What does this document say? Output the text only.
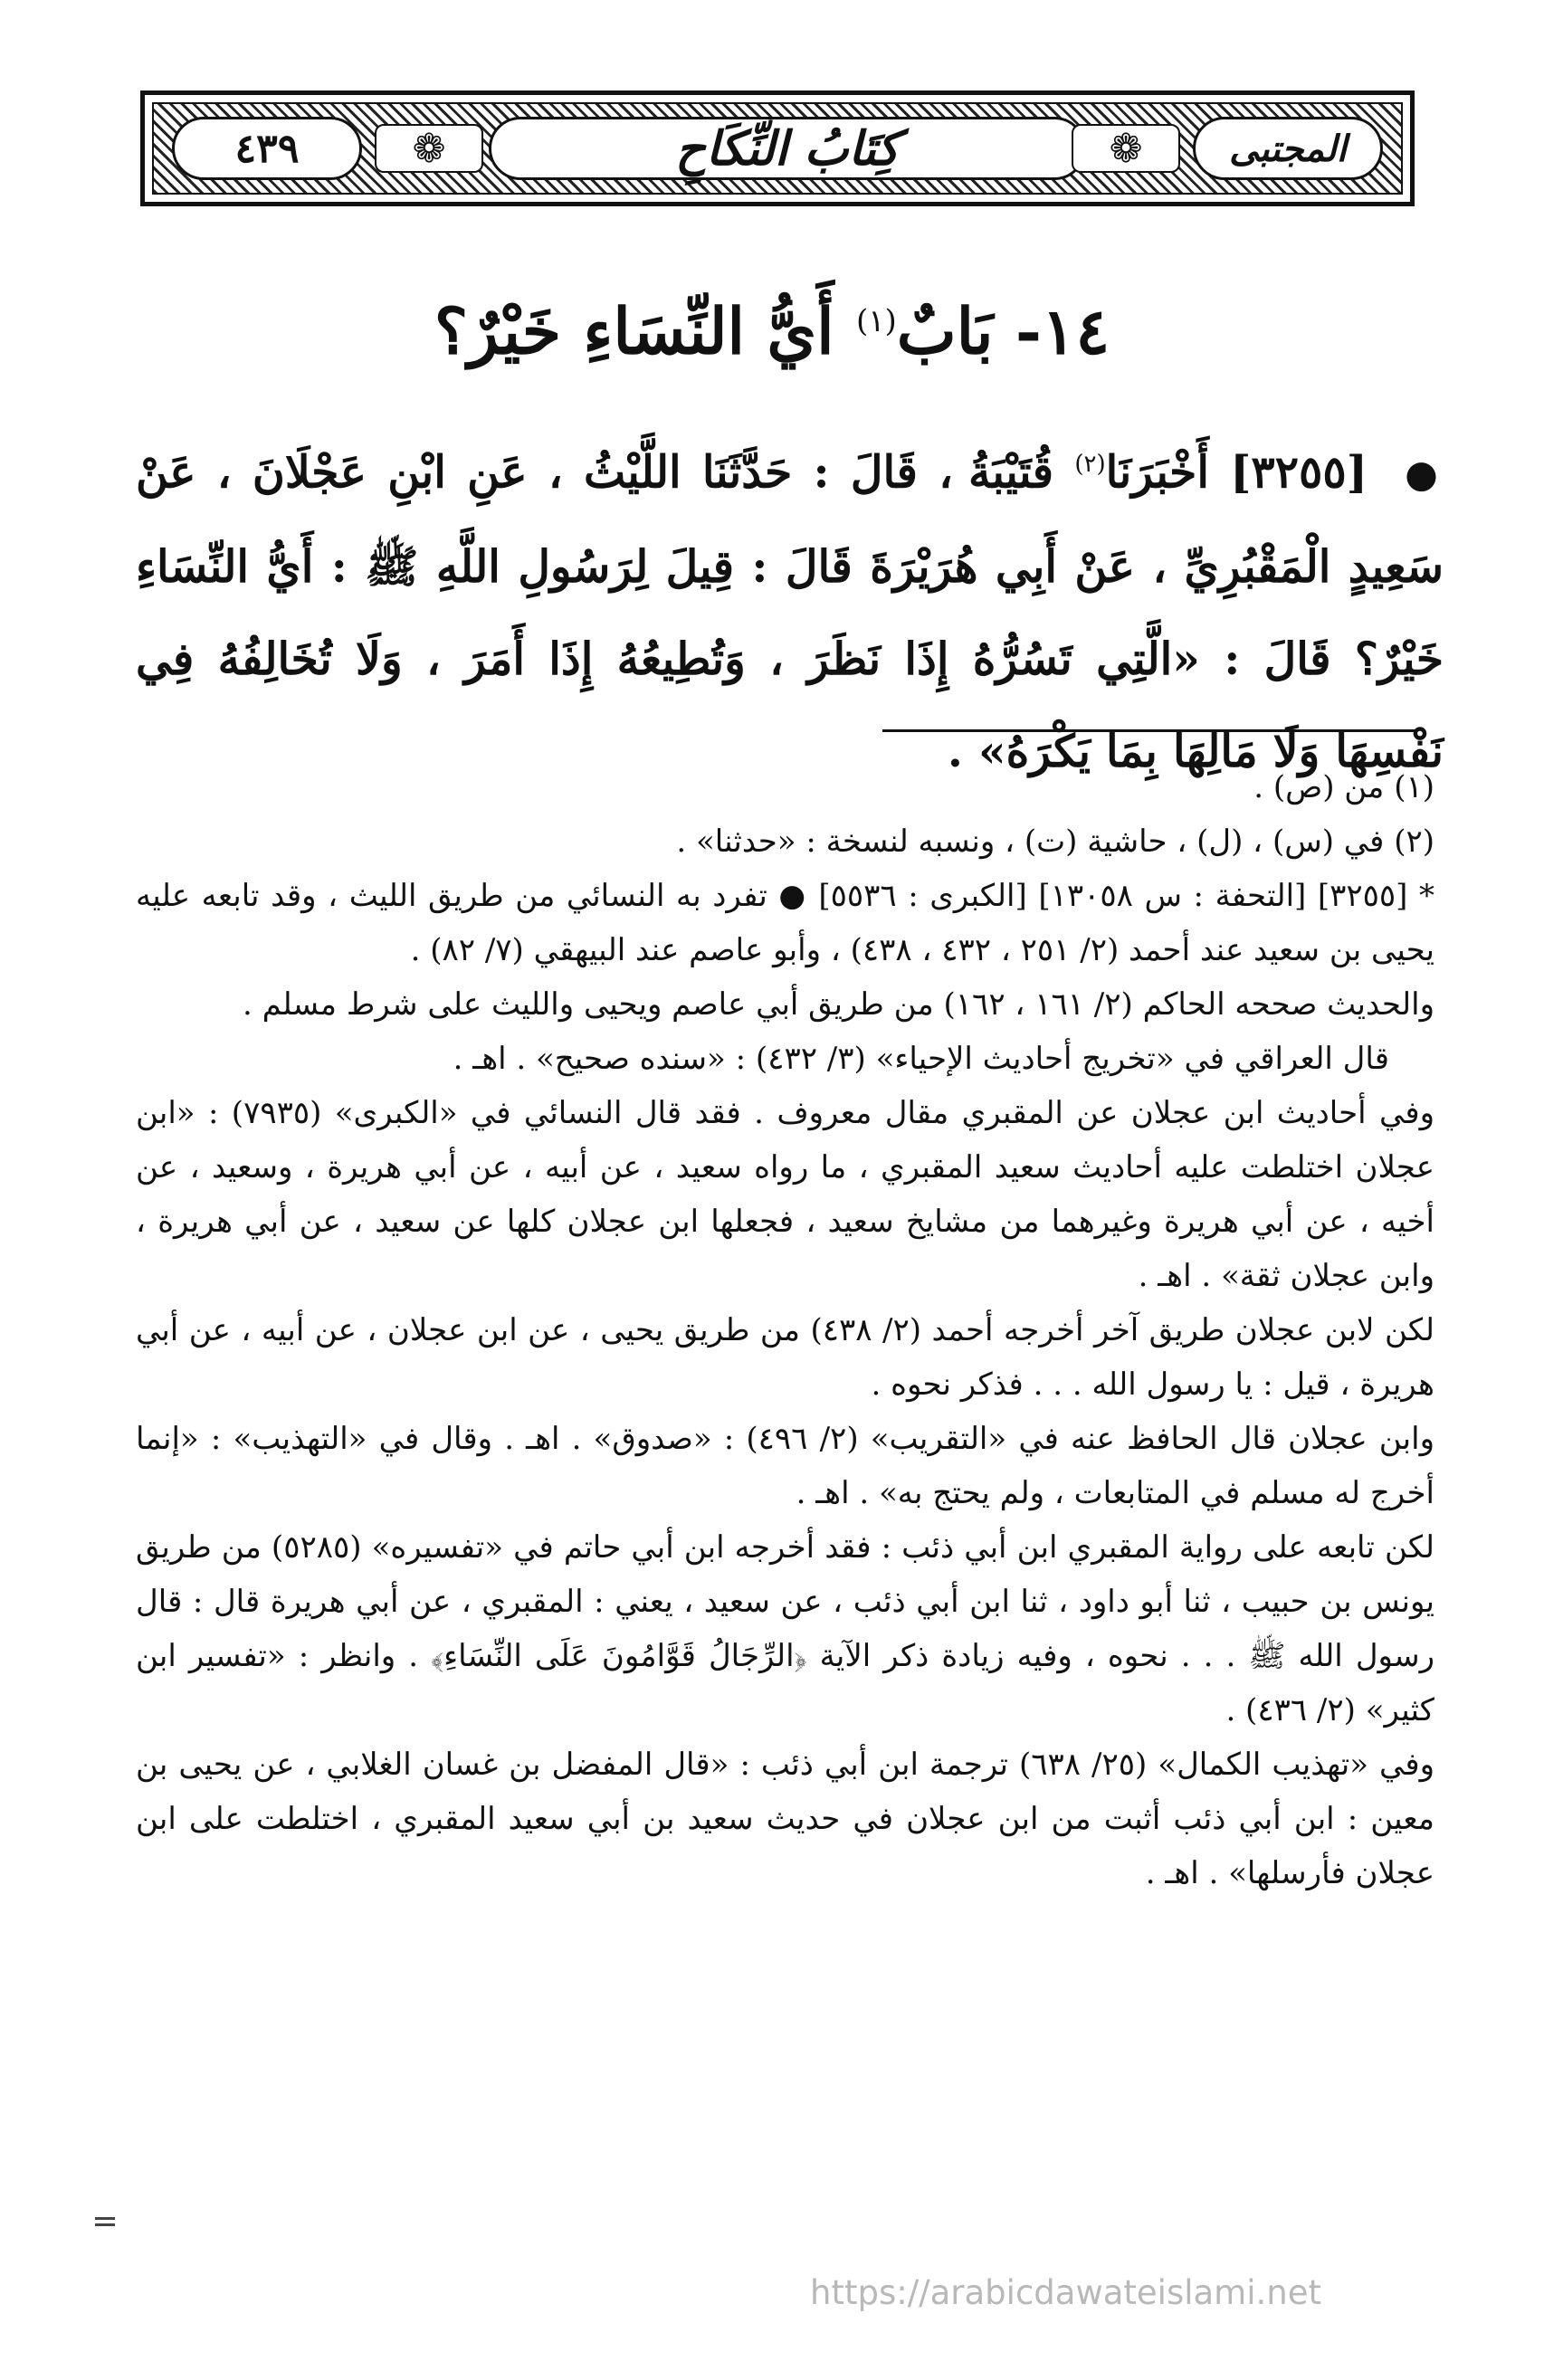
٤٣٩	❁	كِتَابُ النِّكَاحِ	❁	المجتبى
١٤- بَابٌ$^{(١)}$ أَيُّ النِّسَاءِ خَيْرٌ؟
● [٣٢٥٥] أَخْبَرَنَا$^{(٢)}$ قُتَيْبَةُ ، قَالَ : حَدَّثَنَا اللَّيْثُ ، عَنِ ابْنِ عَجْلَانَ ، عَنْ سَعِيدٍ الْمَقْبُرِيِّ ، عَنْ أَبِي هُرَيْرَةَ قَالَ : قِيلَ لِرَسُولِ اللَّهِ ﷺ : أَيُّ النِّسَاءِ خَيْرٌ؟ قَالَ : «الَّتِي تَسُرُّهُ إِذَا نَظَرَ ، وَتُطِيعُهُ إِذَا أَمَرَ ، وَلَا تُخَالِفُهُ فِي نَفْسِهَا وَلَا مَالِهَا بِمَا يَكْرَهُ» .

(١) من (ص) .

(٢) في (س) ، (ل) ، حاشية (ت) ، ونسبه لنسخة : «حدثنا» .

* [٣٢٥٥] [التحفة : س ١٣٠٥٨] [الكبرى : ٥٥٣٦] ● تفرد به النسائي من طريق الليث ، وقد تابعه عليه يحيى بن سعيد عند أحمد (٢/ ٢٥١ ، ٤٣٢ ، ٤٣٨) ، وأبو عاصم عند البيهقي (٧/ ٨٢) .

والحديث صححه الحاكم (٢/ ١٦١ ، ١٦٢) من طريق أبي عاصم ويحيى والليث على شرط مسلم .

قال العراقي في «تخريج أحاديث الإحياء» (٣/ ٤٣٢) : «سنده صحيح» . اهـ .

وفي أحاديث ابن عجلان عن المقبري مقال معروف . فقد قال النسائي في «الكبرى» (٧٩٣٥) : «ابن عجلان اختلطت عليه أحاديث سعيد المقبري ، ما رواه سعيد ، عن أبيه ، عن أبي هريرة ، وسعيد ، عن أخيه ، عن أبي هريرة وغيرهما من مشايخ سعيد ، فجعلها ابن عجلان كلها عن سعيد ، عن أبي هريرة ، وابن عجلان ثقة» . اهـ .

لكن لابن عجلان طريق آخر أخرجه أحمد (٢/ ٤٣٨) من طريق يحيى ، عن ابن عجلان ، عن أبيه ، عن أبي هريرة ، قيل : يا رسول الله . . . فذكر نحوه .

وابن عجلان قال الحافظ عنه في «التقريب» (٢/ ٤٩٦) : «صدوق» . اهـ . وقال في «التهذيب» : «إنما أخرج له مسلم في المتابعات ، ولم يحتج به» . اهـ .

لكن تابعه على رواية المقبري ابن أبي ذئب : فقد أخرجه ابن أبي حاتم في «تفسيره» (٥٢٨٥) من طريق يونس بن حبيب ، ثنا أبو داود ، ثنا ابن أبي ذئب ، عن سعيد ، يعني : المقبري ، عن أبي هريرة قال : قال رسول الله ﷺ . . . نحوه ، وفيه زيادة ذكر الآية ﴿الرِّجَالُ قَوَّامُونَ عَلَى النِّسَاءِ﴾ . وانظر : «تفسير ابن كثير» (٢/ ٤٣٦) .

وفي «تهذيب الكمال» (٢٥/ ٦٣٨) ترجمة ابن أبي ذئب : «قال المفضل بن غسان الغلابي ، عن يحيى بن معين : ابن أبي ذئب أثبت من ابن عجلان في حديث سعيد بن أبي سعيد المقبري ، اختلطت على ابن عجلان فأرسلها» . اهـ .

https://arabicdawateislami.net
